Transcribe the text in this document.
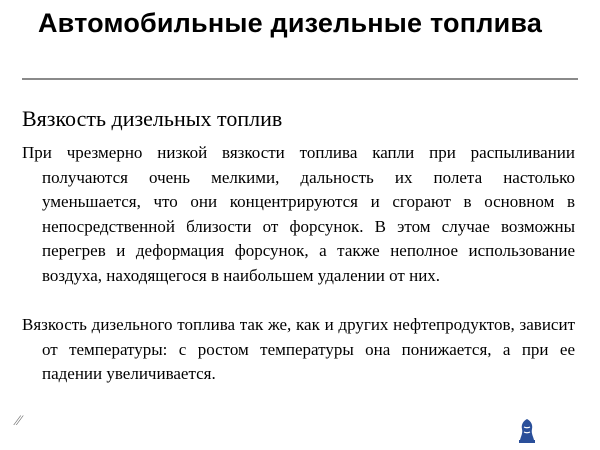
Автомобильные дизельные топлива
Вязкость дизельных топлив
При чрезмерно низкой вязкости топлива капли при распыливании получаются очень мелкими, дальность их полета настолько уменьшается, что они концентрируются и сгорают в основном в непосредственной близости от форсунок. В этом случае возможны перегрев и деформация форсунок, а также неполное использование воздуха, находящегося в наибольшем удалении от них.
Вязкость дизельного топлива так же, как и других нефтепродуктов, зависит от температуры: с ростом температуры она понижается, а при ее падении увеличивается.
⁄⁄
